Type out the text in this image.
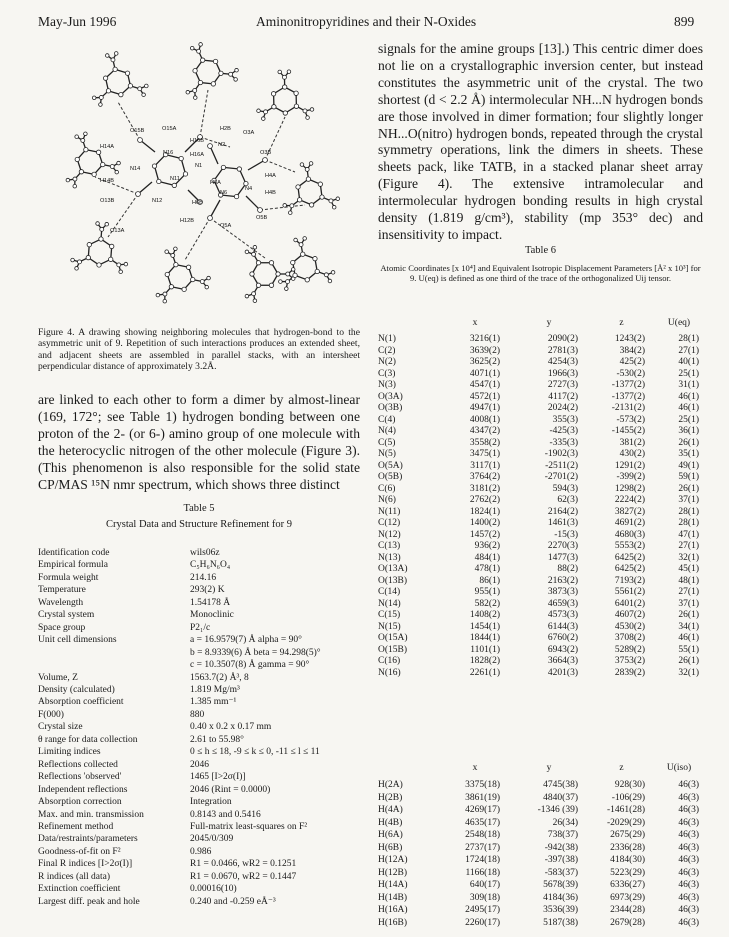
May-Jun 1996	Aminonitropyridines and their N-Oxides	899
O15B	O15A
H16B
H2B
O3A
H14A
N16	H16A
N2
O3B
N1
N14
H14B
O13B
N11
H6A
N6
N4
H4B
H4A
N12	H6B
O5B
O13A
H12B
O5A
Figure 4. A drawing showing neighboring molecules that hydrogen-bond to the asymmetric unit of 9. Repetition of such interactions produces an extended sheet, and adjacent sheets are assembled in parallel stacks, with an intersheet perpendicular distance of approximately 3.2Å.
are linked to each other to form a dimer by almost-linear (169, 172°; see Table 1) hydrogen bonding between one proton of the 2- (or 6-) amino group of one molecule with the heterocyclic nitrogen of the other molecule (Figure 3). (This phenomenon is also responsible for the solid state CP/MAS ¹⁵N nmr spectrum, which shows three distinct
Table 5
Crystal Data and Structure Refinement for 9
Identification code	wils06z
Empirical formula	C₅H₆N₆O₄
Formula weight	214.16
Temperature	293(2) K
Wavelength	1.54178 Å
Crystal system	Monoclinic
Space group	P2₁/c
Unit cell dimensions	a = 16.9579(7) Å alpha = 90°
	b = 8.9339(6) Å beta = 94.298(5)°
	c = 10.3507(8) Å gamma = 90°
Volume, Z	1563.7(2) Å³, 8
Density (calculated)	1.819 Mg/m³
Absorption coefficient	1.385 mm⁻¹
F(000)	880
Crystal size	0.40 x 0.2 x 0.17 mm
θ range for data collection	2.61 to 55.98°
Limiting indices	0 ≤ h ≤ 18, -9 ≤ k ≤ 0, -11 ≤ l ≤ 11
Reflections collected	2046
Reflections 'observed'	1465 [I>2σ(I)]
Independent reflections	2046 (Rint = 0.0000)
Absorption correction	Integration
Max. and min. transmission	0.8143 and 0.5416
Refinement method	Full-matrix least-squares on F²
Data/restraints/parameters	2045/0/309
Goodness-of-fit on F²	0.986
Final R indices [I>2σ(I)]	R1 = 0.0466, wR2 = 0.1251
R indices (all data)	R1 = 0.0670, wR2 = 0.1447
Extinction coefficient	0.00016(10)
Largest diff. peak and hole	0.240 and -0.259 eÅ⁻³
signals for the amine groups [13].) This centric dimer does not lie on a crystallographic inversion center, but instead constitutes the asymmetric unit of the crystal. The two shortest (d < 2.2 Å) intermolecular NH...N hydrogen bonds are those involved in dimer formation; four slightly longer NH...O(nitro) hydrogen bonds, repeated through the crystal symmetry operations, link the dimers in sheets. These sheets pack, like TATB, in a stacked planar sheet array (Figure 4). The extensive intramolecular and intermolecular hydrogen bonding results in high crystal density (1.819 g/cm³), stability (mp 353° dec) and insensitivity to impact.
Table 6
Atomic Coordinates [x 10⁴] and Equivalent Isotropic Displacement Parameters [Å² x 10³] for 9. U(eq) is defined as one third of the trace of the orthogonalized Uij tensor.
	x	y	z	U(eq)
N(1)	3216(1)	2090(2)	1243(2)	28(1)
C(2)	3639(2)	2781(3)	384(2)	27(1)
N(2)	3625(2)	4254(3)	425(2)	40(1)
C(3)	4071(1)	1966(3)	-530(2)	25(1)
N(3)	4547(1)	2727(3)	-1377(2)	31(1)
O(3A)	4572(1)	4117(2)	-1377(2)	46(1)
O(3B)	4947(1)	2024(2)	-2131(2)	46(1)
C(4)	4008(1)	355(3)	-573(2)	25(1)
N(4)	4347(2)	-425(3)	-1455(2)	36(1)
C(5)	3558(2)	-335(3)	381(2)	26(1)
N(5)	3475(1)	-1902(3)	430(2)	35(1)
O(5A)	3117(1)	-2511(2)	1291(2)	49(1)
O(5B)	3764(2)	-2701(2)	-399(2)	59(1)
C(6)	3181(2)	594(3)	1298(2)	26(1)
N(6)	2762(2)	62(3)	2224(2)	37(1)
N(11)	1824(1)	2164(2)	3827(2)	28(1)
C(12)	1400(2)	1461(3)	4691(2)	28(1)
N(12)	1457(2)	-15(3)	4680(3)	47(1)
C(13)	936(2)	2270(3)	5553(2)	27(1)
N(13)	484(1)	1477(3)	6425(2)	32(1)
O(13A)	478(1)	88(2)	6425(2)	45(1)
O(13B)	86(1)	2163(2)	7193(2)	48(1)
C(14)	955(1)	3873(3)	5561(2)	27(1)
N(14)	582(2)	4659(3)	6401(2)	37(1)
C(15)	1408(2)	4573(3)	4607(2)	26(1)
N(15)	1454(1)	6144(3)	4530(2)	34(1)
O(15A)	1844(1)	6760(2)	3708(2)	46(1)
O(15B)	1101(1)	6943(2)	5289(2)	55(1)
C(16)	1828(2)	3664(3)	3753(2)	26(1)
N(16)	2261(1)	4201(3)	2839(2)	32(1)
	x	y	z	U(iso)
H(2A)	3375(18)	4745(38)	928(30)	46(3)
H(2B)	3861(19)	4840(37)	-106(29)	46(3)
H(4A)	4269(17)	-1346 (39)	-1461(28)	46(3)
H(4B)	4635(17)	26(34)	-2029(29)	46(3)
H(6A)	2548(18)	738(37)	2675(29)	46(3)
H(6B)	2737(17)	-942(38)	2336(28)	46(3)
H(12A)	1724(18)	-397(38)	4184(30)	46(3)
H(12B)	1166(18)	-583(37)	5223(29)	46(3)
H(14A)	640(17)	5678(39)	6336(27)	46(3)
H(14B)	309(18)	4184(36)	6973(29)	46(3)
H(16A)	2495(17)	3536(39)	2344(28)	46(3)
H(16B)	2260(17)	5187(38)	2679(28)	46(3)
